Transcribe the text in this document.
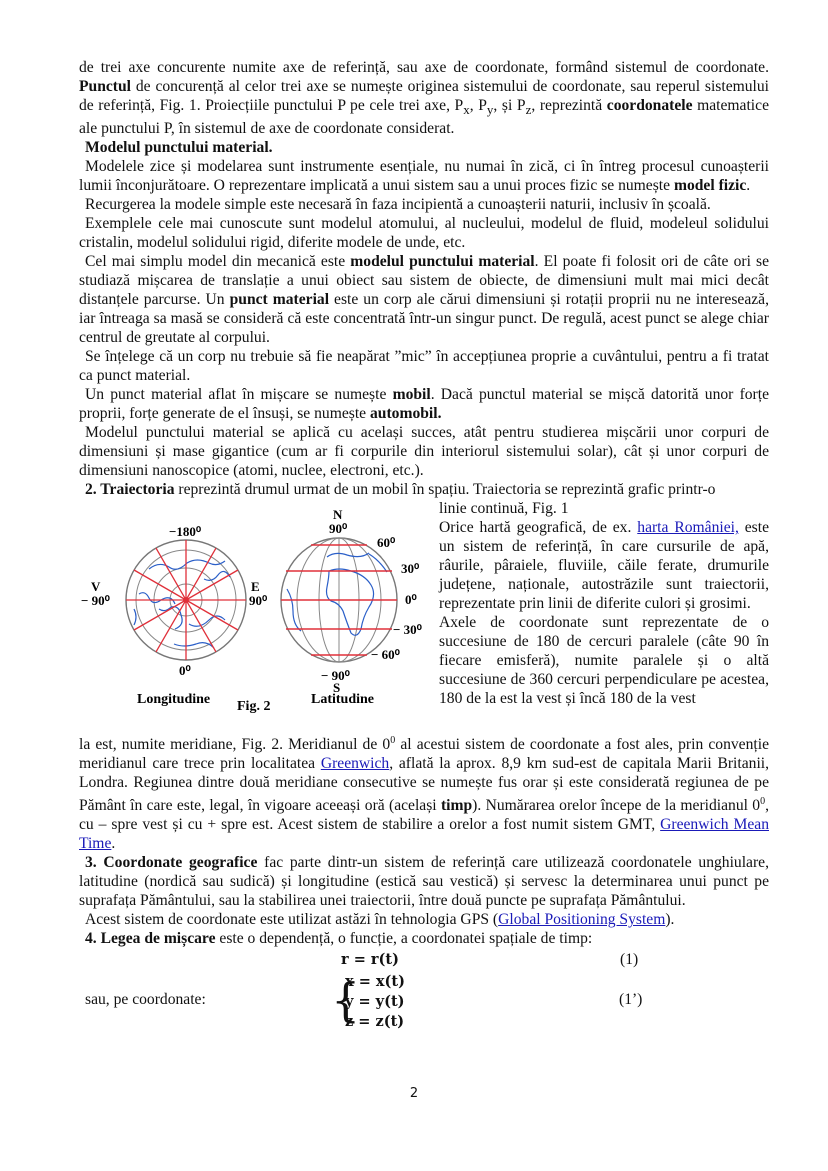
de trei axe concurente numite axe de referință, sau axe de coordonate, formând sistemul de coordonate. Punctul de concurență al celor trei axe se numește originea sistemului de coordonate, sau reperul sistemului de referință, Fig. 1. Proiecțiile punctului P pe cele trei axe, $P_x$, $P_y$, și $P_z$, reprezintă coordonatele matematice ale punctului P, în sistemul de axe de coordonate considerat.

Modelul punctului material.

Modelele zice și modelarea sunt instrumente esențiale, nu numai în zică, ci în întreg procesul cunoașterii lumii înconjurătoare. O reprezentare implicată a unui sistem sau a unui proces fizic se numește model fizic.

Recurgerea la modele simple este necesară în faza incipientă a cunoașterii naturii, inclusiv în școală.

Exemplele cele mai cunoscute sunt modelul atomului, al nucleului, modelul de fluid, modeleul solidului cristalin, modelul solidului rigid, diferite modele de unde, etc.

Cel mai simplu model din mecanică este modelul punctului material. El poate fi folosit ori de câte ori se studiază mișcarea de translație a unui obiect sau sistem de obiecte, de dimensiuni mult mai mici decât distanțele parcurse. Un punct material este un corp ale cărui dimensiuni și rotații proprii nu ne interesează, iar întreaga sa masă se consideră că este concentrată într-un singur punct. De regulă, acest punct se alege chiar centrul de greutate al corpului.

Se înțelege că un corp nu trebuie să fie neapărat ”mic” în accepțiunea proprie a cuvântului, pentru a fi tratat ca punct material.

Un punct material aflat în mișcare se numește mobil. Dacă punctul material se mișcă datorită unor forțe proprii, forțe generate de el însuși, se numește automobil.

Modelul punctului material se aplică cu același succes, atât pentru studierea mișcării unor corpuri de dimensiuni și mase gigantice (cum ar fi corpurile din interiorul sistemului solar), cât și unor corpuri de dimensiuni nanoscopice (atomi, nuclee, electroni, etc.).

2. Traiectoria reprezintă drumul urmat de un mobil în spațiu. Traiectoria se reprezintă grafic printr-o

−180⁰
V
− 90⁰
E
90⁰
0⁰
N
90⁰
60⁰
30⁰
0⁰
− 30⁰
− 60⁰
− 90⁰
S
Longitudine Fig. 2	Latitudine

linie continuă, Fig. 1

Orice hartă geografică, de ex. harta României, este un sistem de referință, în care cursurile de apă, râurile, pâraiele, fluviile, căile ferate, drumurile județene, naționale, autostrăzile sunt traiectorii, reprezentate prin linii de diferite culori și grosimi.

Axele de coordonate sunt reprezentate de o succesiune de 180 de cercuri paralele (câte 90 în fiecare emisferă), numite paralele și o altă succesiune de 360 cercuri perpendiculare pe acestea, 180 de la est la vest și încă 180 de la vest

la est, numite meridiane, Fig. 2. Meridianul de $0^0$ al acestui sistem de coordonate a fost ales, prin convenție meridianul care trece prin localitatea Greenwich, aflată la aprox. 8,9 km sud-est de capitala Marii Britanii, Londra. Regiunea dintre două meridiane consecutive se numește fus orar și este considerată regiunea de pe Pământ în care este, legal, în vigoare aceeași oră (același timp). Numărarea orelor începe de la meridianul $0^0$, cu – spre vest și cu + spre est. Acest sistem de stabilire a orelor a fost numit sistem GMT, Greenwich Mean Time.

3. Coordonate geografice fac parte dintr-un sistem de referință care utilizează coordonatele unghiulare, latitudine (nordică sau sudică) și longitudine (estică sau vestică) și servesc la determinarea unui punct pe suprafața Pământului, sau la stabilirea unei traiectorii, între două puncte pe suprafața Pământului.

Acest sistem de coordonate este utilizat astăzi în tehnologia GPS (Global Positioning System).

4. Legea de mișcare este o dependență, o funcție, a coordonatei spațiale de timp:

r = r(t)	(1)
sau, pe coordonate:	{
x = x(t)
y = y(t)
z = z(t)
(1’)
2
